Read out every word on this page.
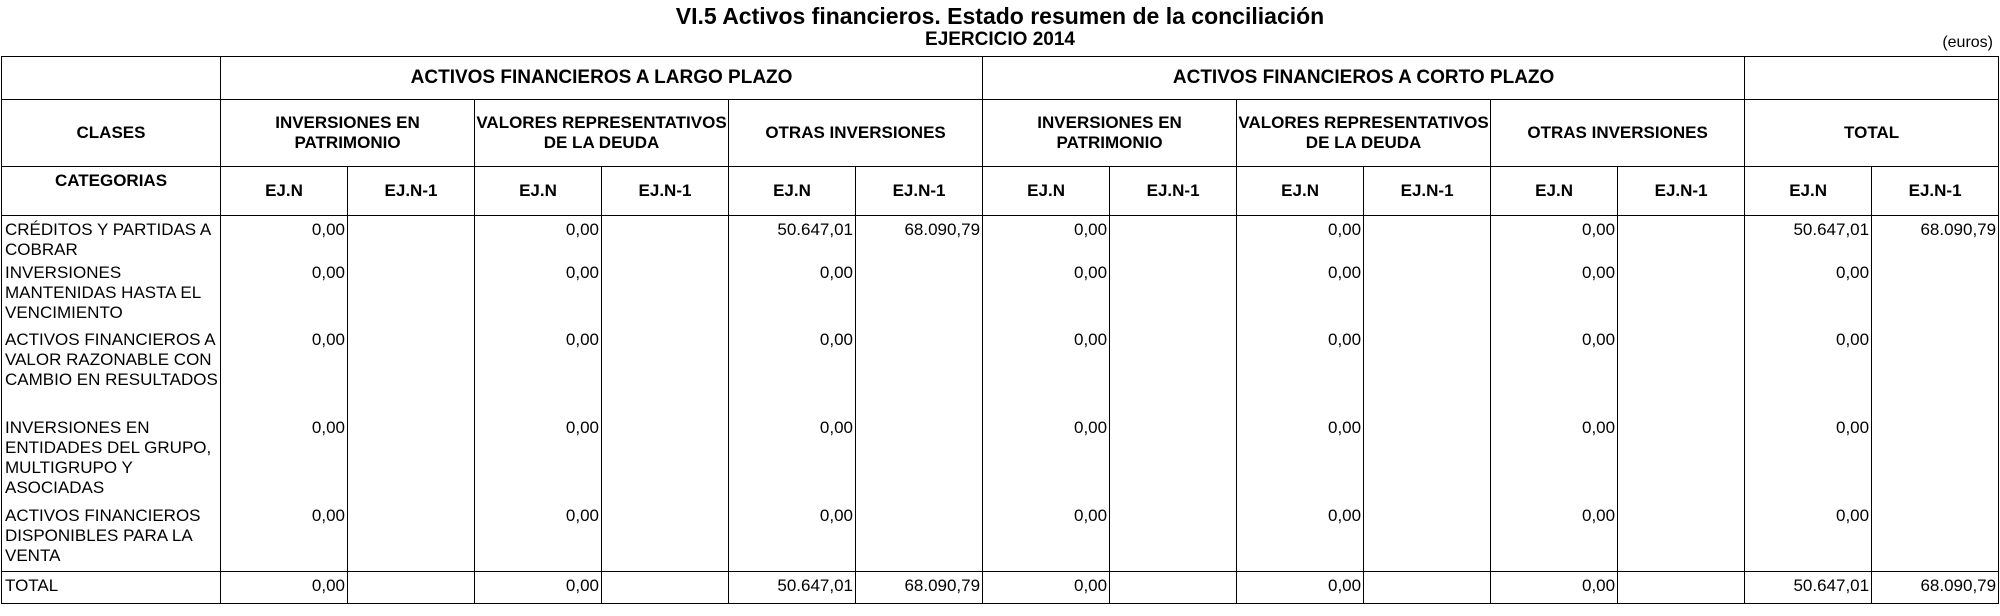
VI.5 Activos financieros. Estado resumen de la conciliación
EJERCICIO 2014	(euros)
	ACTIVOS FINANCIEROS A LARGO PLAZO						ACTIVOS FINANCIEROS A CORTO PLAZO							
CLASES	INVERSIONES EN PATRIMONIO		VALORES REPRESENTATIVOS DE LA DEUDA		OTRAS INVERSIONES		INVERSIONES EN PATRIMONIO		VALORES REPRESENTATIVOS DE LA DEUDA		OTRAS INVERSIONES		TOTAL	
CATEGORIAS	EJ.N	EJ.N-1	EJ.N	EJ.N-1	EJ.N	EJ.N-1	EJ.N	EJ.N-1	EJ.N	EJ.N-1	EJ.N	EJ.N-1	EJ.N	EJ.N-1
CRÉDITOS Y PARTIDAS A COBRAR	0,00		0,00		50.647,01	68.090,79	0,00		0,00		0,00		50.647,01	68.090,79
INVERSIONES MANTENIDAS HASTA EL VENCIMIENTO	0,00		0,00		0,00		0,00		0,00		0,00		0,00	
ACTIVOS FINANCIEROS A VALOR RAZONABLE CON CAMBIO EN RESULTADOS	0,00		0,00		0,00		0,00		0,00		0,00		0,00	
INVERSIONES EN ENTIDADES DEL GRUPO, MULTIGRUPO Y ASOCIADAS	0,00		0,00		0,00		0,00		0,00		0,00		0,00	
ACTIVOS FINANCIEROS DISPONIBLES PARA LA VENTA	0,00		0,00		0,00		0,00		0,00		0,00		0,00	
TOTAL	0,00		0,00		50.647,01	68.090,79	0,00		0,00		0,00		50.647,01	68.090,79
